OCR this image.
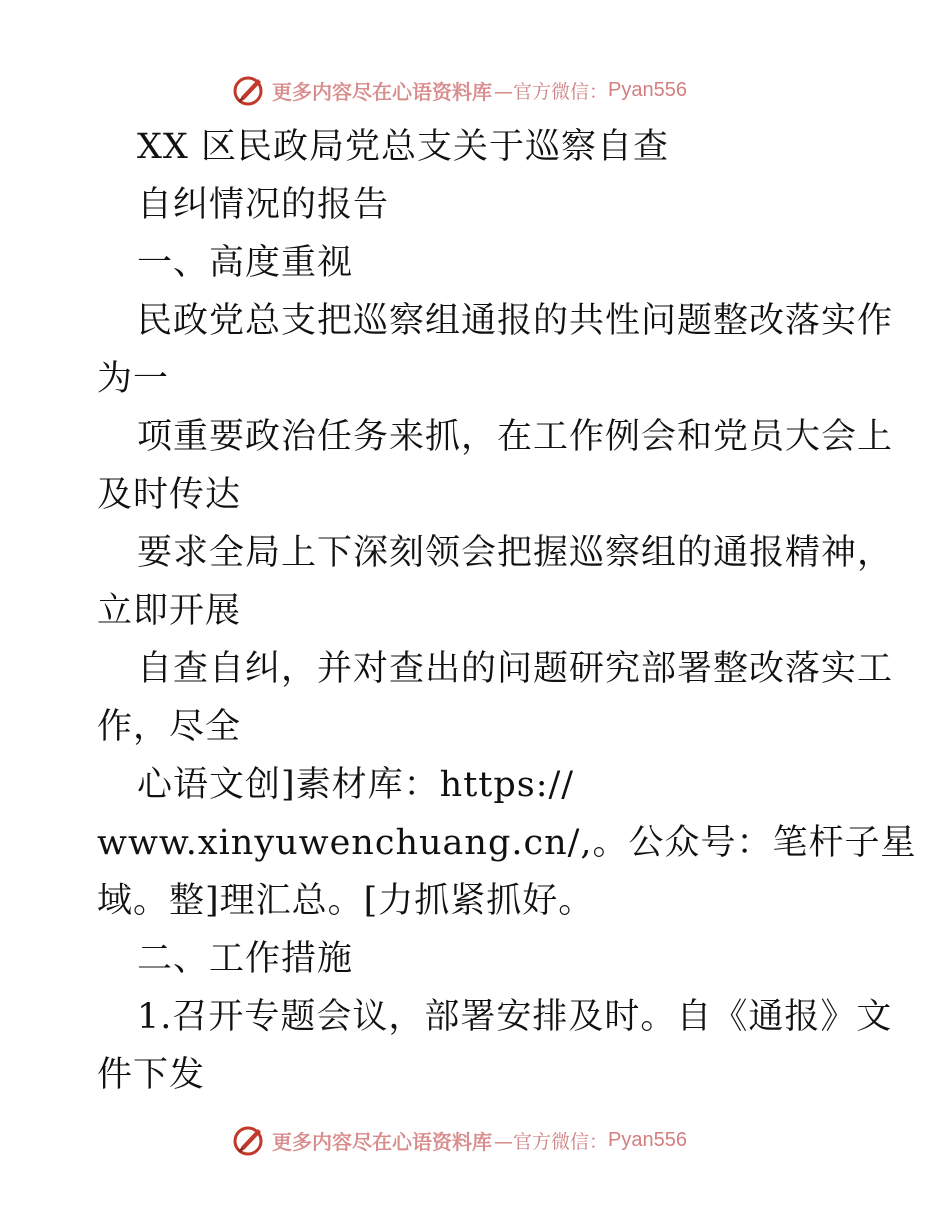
更多内容尽在心语资料库 —官方微信： Pyan556
XX 区民政局党总支关于巡察自查
自纠情况的报告
一、高度重视
民政党总支把巡察组通报的共性问题整改落实作
为一
项重要政治任务来抓，在工作例会和党员大会上
及时传达
要求全局上下深刻领会把握巡察组的通报精神，
立即开展
自查自纠，并对查出的问题研究部署整改落实工
作，尽全
心语文创]素材库：https://
www.xinyuwenchuang.cn/,。公众号：笔杆子星
域。整]理汇总。[力抓紧抓好。
二、工作措施
1.召开专题会议，部署安排及时。自《通报》文
件下发
更多内容尽在心语资料库 —官方微信： Pyan556
